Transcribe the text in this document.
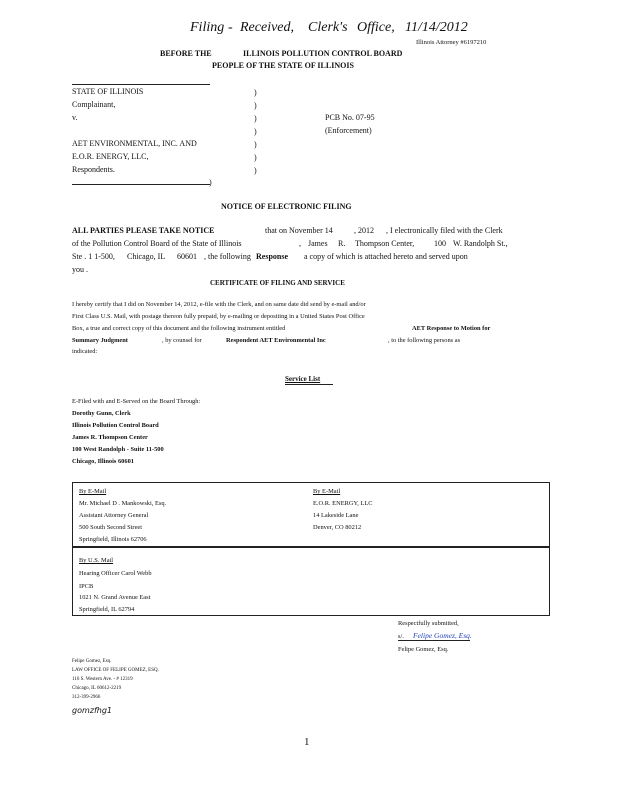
Filing - Received, Clerk's Office, 11/14/2012
Illinois Attorney #6197210
BEFORE THE	ILLINOIS POLLUTION CONTROL BOARD
PEOPLE OF THE STATE OF ILLINOIS
STATE OF ILLINOIS
Complainant,
v.
AET ENVIRONMENTAL, INC. AND
E.O.R. ENERGY, LLC,
Respondents.
)
)
)
)
)
)
)
)
PCB No. 07-95
(Enforcement)
NOTICE OF ELECTRONIC FILING
ALL PARTIES PLEASE TAKE NOTICE	that on November 14	, 2012 , I electronically filed with the Clerk
of the Pollution Control Board of the State of Illinois	, James R. Thompson Center, 100 W. Randolph St.,
Ste . 1 1-500, Chicago, IL 60601 , the following Response a copy of which is attached hereto and served upon
you .
CERTIFICATE OF FILING AND SERVICE
I hereby certify that I did on November 14, 2012, e-file with the Clerk, and on same date did send by e-mail and/or
First Class U.S. Mail, with postage thereon fully prepaid, by e-mailing or depositing in a United States Post Office
Box, a true and correct copy of this document and the following instrument entitled	AET Response to Motion for
Summary Judgment	, by counsel for	Respondent AET Environmental Inc	, to the following persons as
indicated:
Service List
E-Filed with and E-Served on the Board Through:
Dorothy Gunn, Clerk
Illinois Pollution Control Board
James R. Thompson Center
100 West Randolph - Suite 11-500
Chicago, Illinois 60601
By E-Mail
Mr. Michael D . Mankowski, Esq.
Assistant Attorney General
500 South Second Street
Springfield, Illinois 62706
By E-Mail
E.O.R. ENERGY, LLC
14 Lakeside Lane
Denver, CO 80212
By U.S. Mail
Hearing Officer Carol Webb
IPCB
1021 N. Grand Avenue East
Springfield, IL 62794
Respectfully submitted,
s/. Felipe Gomez, Esq.
Felipe Gomez, Esq.
Felipe Gomez, Esq.
LAW OFFICE OF FELIPE GOMEZ, ESQ.
116 S. Western Ave. - # 12319
Chicago, IL 60612-2219
312-399-2966
gomzfhg1
1
